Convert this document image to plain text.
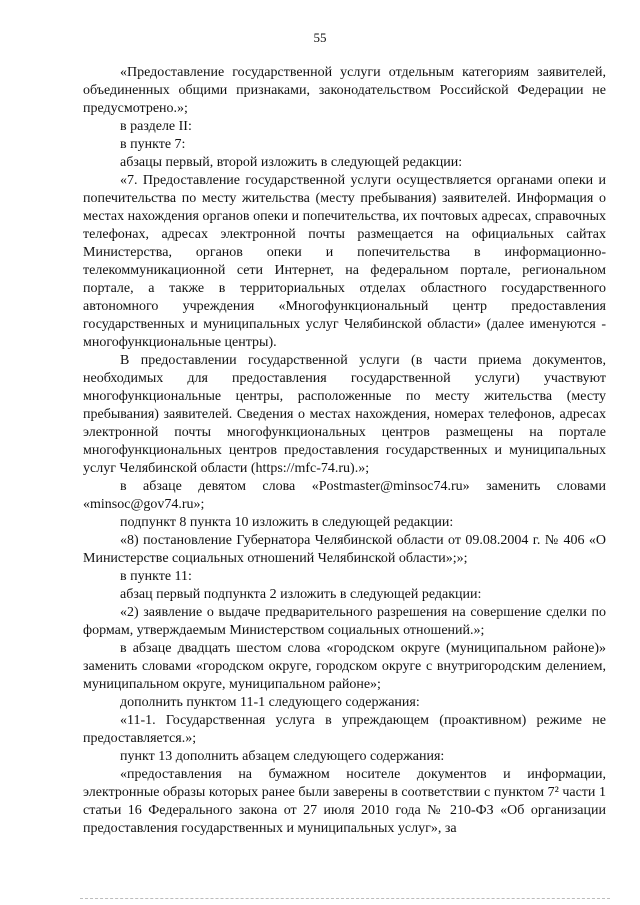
55

«Предоставление государственной услуги отдельным категориям заявителей, объединенных общими признаками, законодательством Российской Федерации не предусмотрено.»;

в разделе II:

в пункте 7:

абзацы первый, второй изложить в следующей редакции:

«7. Предоставление государственной услуги осуществляется органами опеки и попечительства по месту жительства (месту пребывания) заявителей. Информация о местах нахождения органов опеки и попечительства, их почтовых адресах, справочных телефонах, адресах электронной почты размещается на официальных сайтах Министерства, органов опеки и попечительства в информационно-телекоммуникационной сети Интернет, на федеральном портале, региональном портале, а также в территориальных отделах областного государственного автономного учреждения «Многофункциональный центр предоставления государственных и муниципальных услуг Челябинской области» (далее именуются - многофункциональные центры).

В предоставлении государственной услуги (в части приема документов, необходимых для предоставления государственной услуги) участвуют многофункциональные центры, расположенные по месту жительства (месту пребывания) заявителей. Сведения о местах нахождения, номерах телефонов, адресах электронной почты многофункциональных центров размещены на портале многофункциональных центров предоставления государственных и муниципальных услуг Челябинской области (https://mfc-74.ru).»;

в абзаце девятом слова «Postmaster@minsoc74.ru» заменить словами «minsoc@gov74.ru»;

подпункт 8 пункта 10 изложить в следующей редакции:

«8) постановление Губернатора Челябинской области от 09.08.2004 г. № 406 «О Министерстве социальных отношений Челябинской области»;»;

в пункте 11:

абзац первый подпункта 2 изложить в следующей редакции:

«2) заявление о выдаче предварительного разрешения на совершение сделки по формам, утверждаемым Министерством социальных отношений.»;

в абзаце двадцать шестом слова «городском округе (муниципальном районе)» заменить словами «городском округе, городском округе с внутригородским делением, муниципальном округе, муниципальном районе»;

дополнить пунктом 11-1 следующего содержания:

«11-1. Государственная услуга в упреждающем (проактивном) режиме не предоставляется.»;

пункт 13 дополнить абзацем следующего содержания:

«предоставления на бумажном носителе документов и информации, электронные образы которых ранее были заверены в соответствии с пунктом 7² части 1 статьи 16 Федерального закона от 27 июля 2010 года № 210-ФЗ «Об организации предоставления государственных и муниципальных услуг», за
